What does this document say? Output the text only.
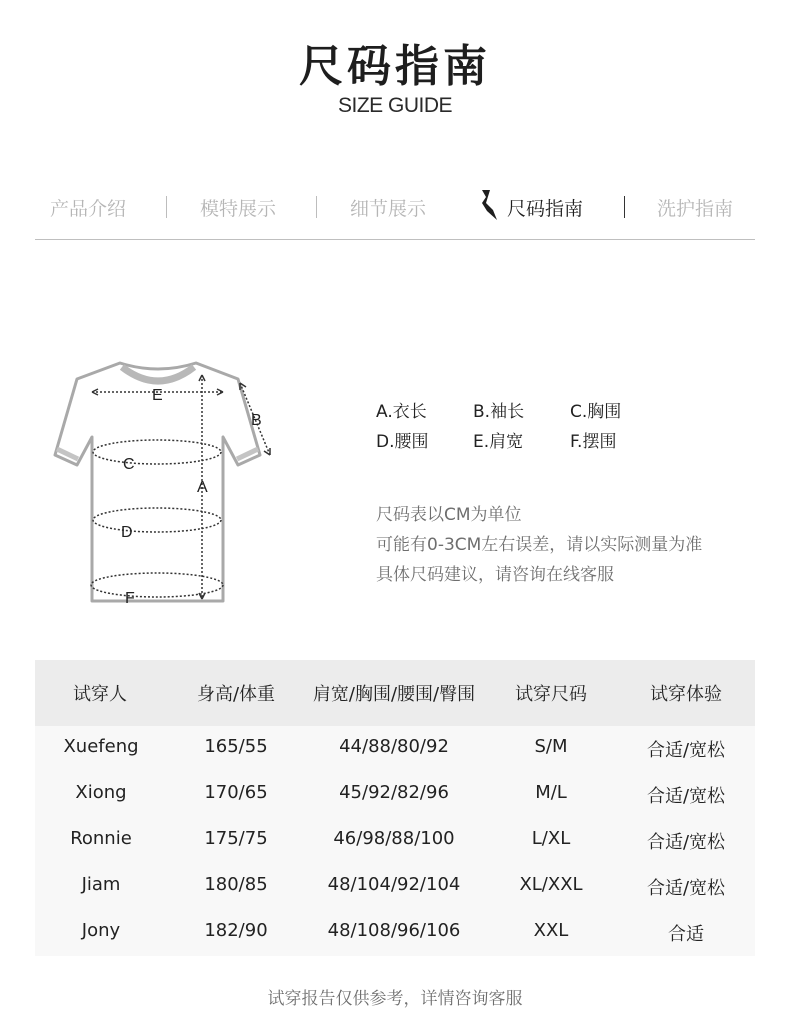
尺码指南
SIZE GUIDE
产品介绍	模特展示	细节展示	尺码指南	洗护指南
A
B
C
D
E
F
A.衣长	B.袖长	C.胸围
D.腰围	E.肩宽	F.摆围
尺码表以CM为单位
可能有0-3CM左右误差，请以实际测量为准
具体尺码建议，请咨询在线客服
试穿人	身高/体重	肩宽/胸围/腰围/臀围	试穿尺码	试穿体验
Xuefeng	165/55	44/88/80/92	S/M	合适/宽松
Xiong	170/65	45/92/82/96	M/L	合适/宽松
Ronnie	175/75	46/98/88/100	L/XL	合适/宽松
Jiam	180/85	48/104/92/104	XL/XXL	合适/宽松
Jony	182/90	48/108/96/106	XXL	合适
试穿报告仅供参考，详情咨询客服
